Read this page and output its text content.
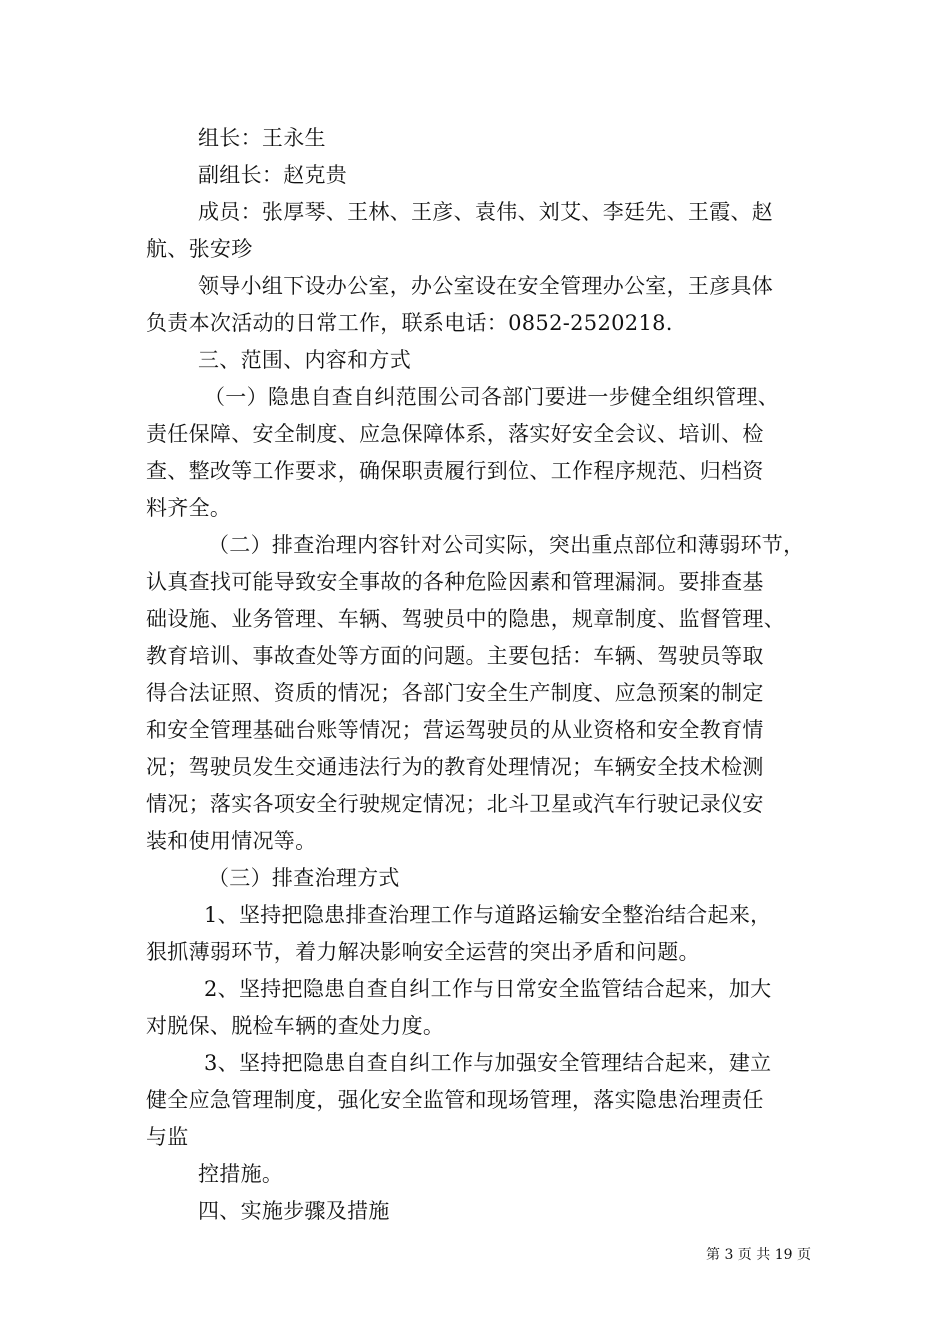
组长：王永生
副组长：赵克贵
成员：张厚琴、王林、王彦、袁伟、刘艾、李廷先、王霞、赵
航、张安珍
领导小组下设办公室，办公室设在安全管理办公室，王彦具体
负责本次活动的日常工作，联系电话：0852-2520218.
三、范围、内容和方式
（一）隐患自查自纠范围公司各部门要进一步健全组织管理、
责任保障、安全制度、应急保障体系，落实好安全会议、培训、检
查、整改等工作要求，确保职责履行到位、工作程序规范、归档资
料齐全。
（二）排查治理内容针对公司实际，突出重点部位和薄弱环节，
认真查找可能导致安全事故的各种危险因素和管理漏洞。要排查基
础设施、业务管理、车辆、驾驶员中的隐患，规章制度、监督管理、
教育培训、事故查处等方面的问题。主要包括：车辆、驾驶员等取
得合法证照、资质的情况；各部门安全生产制度、应急预案的制定
和安全管理基础台账等情况；营运驾驶员的从业资格和安全教育情
况；驾驶员发生交通违法行为的教育处理情况；车辆安全技术检测
情况；落实各项安全行驶规定情况；北斗卫星或汽车行驶记录仪安
装和使用情况等。
（三）排查治理方式
1、坚持把隐患排查治理工作与道路运输安全整治结合起来，
狠抓薄弱环节，着力解决影响安全运营的突出矛盾和问题。
2、坚持把隐患自查自纠工作与日常安全监管结合起来，加大
对脱保、脱检车辆的查处力度。
3、坚持把隐患自查自纠工作与加强安全管理结合起来，建立
健全应急管理制度，强化安全监管和现场管理，落实隐患治理责任
与监
控措施。
四、实施步骤及措施
第 3 页 共 19 页
